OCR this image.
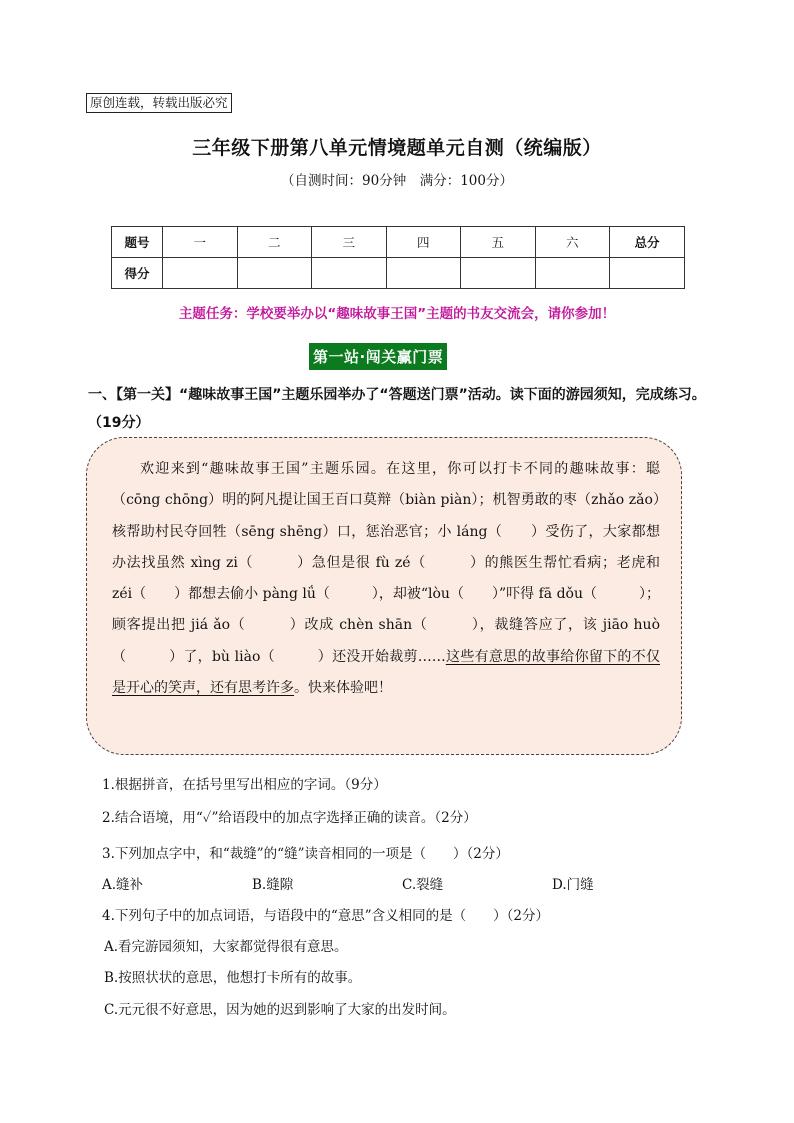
原创连载，转载出版必究
三年级下册第八单元情境题单元自测（统编版）
（自测时间：90分钟　满分：100分）
题号	一	二	三	四	五	六	总分
得分							
主题任务：学校要举办以“趣味故事王国”主题的书友交流会，请你参加！
第一站·闯关赢门票
一、【第一关】“趣味故事王国”主题乐园举办了“答题送门票”活动。读下面的游园须知，完成练习。（19分）

欢迎来到“趣味故事王国”主题乐园。在这里，你可以打卡不同的趣味故事：聪（cōng chōng）明的阿凡提让国王百口莫辩（biàn piàn）；机智勇敢的枣（zhǎo zǎo）核帮助村民夺回牲（sēng shēng）口，惩治恶官；小 láng（　　）受伤了，大家都想办法找虽然 xìng zi（　　　）急但是很 fù zé（　　　）的熊医生帮忙看病；老虎和 zéi（　　）都想去偷小 pàng lǘ（　　　），却被“lòu（　　）”吓得 fā dǒu（　　　）；顾客提出把 jiá ǎo（　　　）改成 chèn shān（　　　），裁缝答应了，该 jiāo huò（　　　）了，bù liào（　　　）还没开始裁剪……这些有意思的故事给你留下的不仅是开心的笑声，还有思考许多。快来体验吧！

1.根据拼音，在括号里写出相应的字词。（9分）
2.结合语境，用“✓”给语段中的加点字选择正确的读音。（2分）
3.下列加点字中，和“裁缝”的“缝”读音相同的一项是（　　）（2分）
A.缝补	B.缝隙	C.裂缝	D.门缝
4.下列句子中的加点词语，与语段中的“意思”含义相同的是（　　）（2分）
A.看完游园须知，大家都觉得很有意思。
B.按照状状的意思，他想打卡所有的故事。
C.元元很不好意思，因为她的迟到影响了大家的出发时间。
